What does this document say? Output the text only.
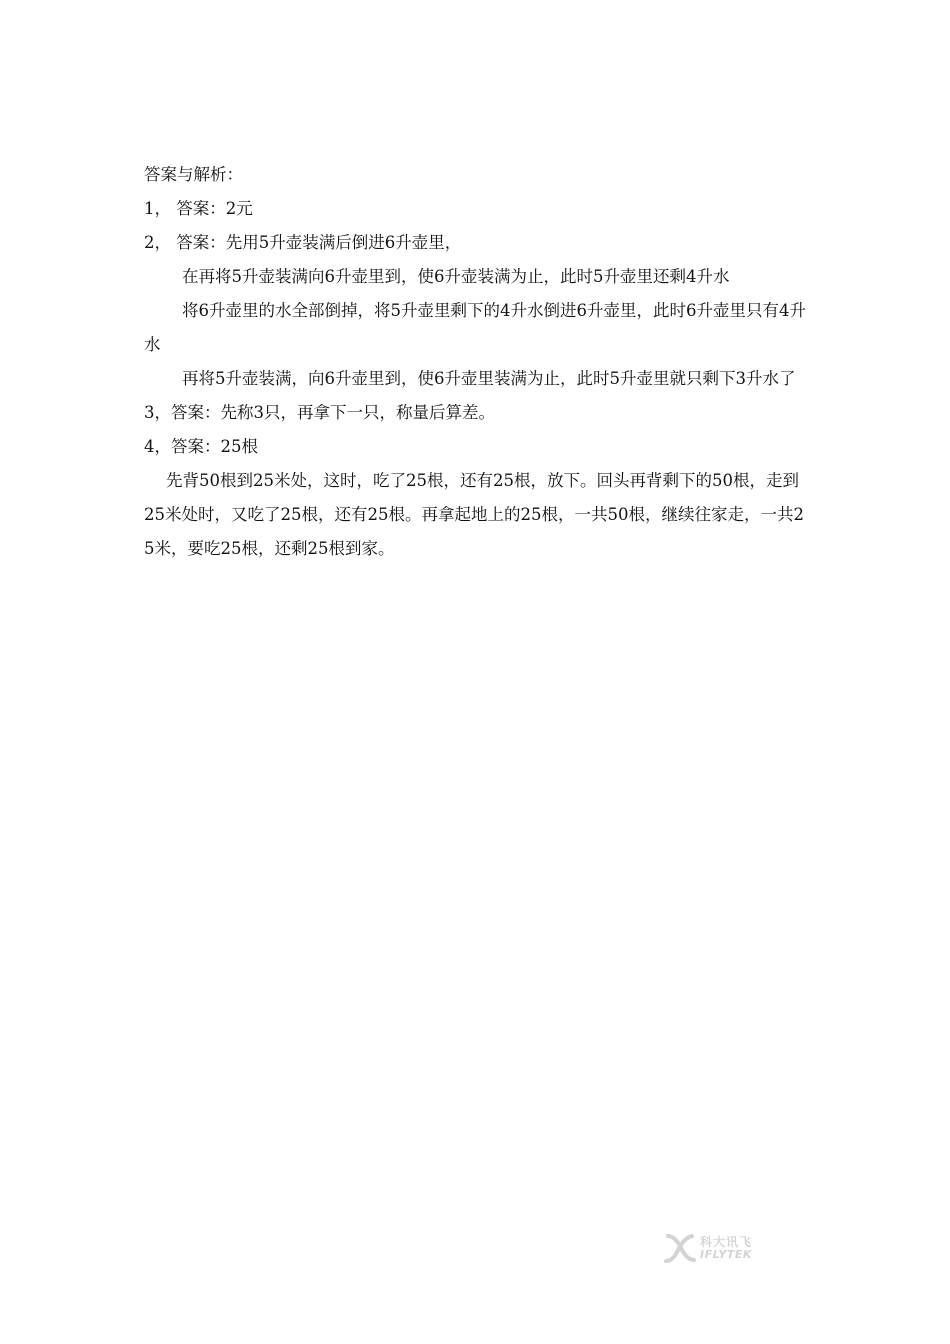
答案与解析：

1， 答案：2元

2， 答案：先用5升壶装满后倒进6升壶里，

在再将5升壶装满向6升壶里到，使6升壶装满为止，此时5升壶里还剩4升水

将6升壶里的水全部倒掉，将5升壶里剩下的4升水倒进6升壶里，此时6升壶里只有4升水

再将5升壶装满，向6升壶里到，使6升壶里装满为止，此时5升壶里就只剩下3升水了

3，答案：先称3只，再拿下一只，称量后算差。

4，答案：25根

先背50根到25米处，这时，吃了25根，还有25根，放下。回头再背剩下的50根，走到25米处时，又吃了25根，还有25根。再拿起地上的25根，一共50根，继续往家走，一共25米，要吃25根，还剩25根到家。

科大讯飞
IFLYTEK
